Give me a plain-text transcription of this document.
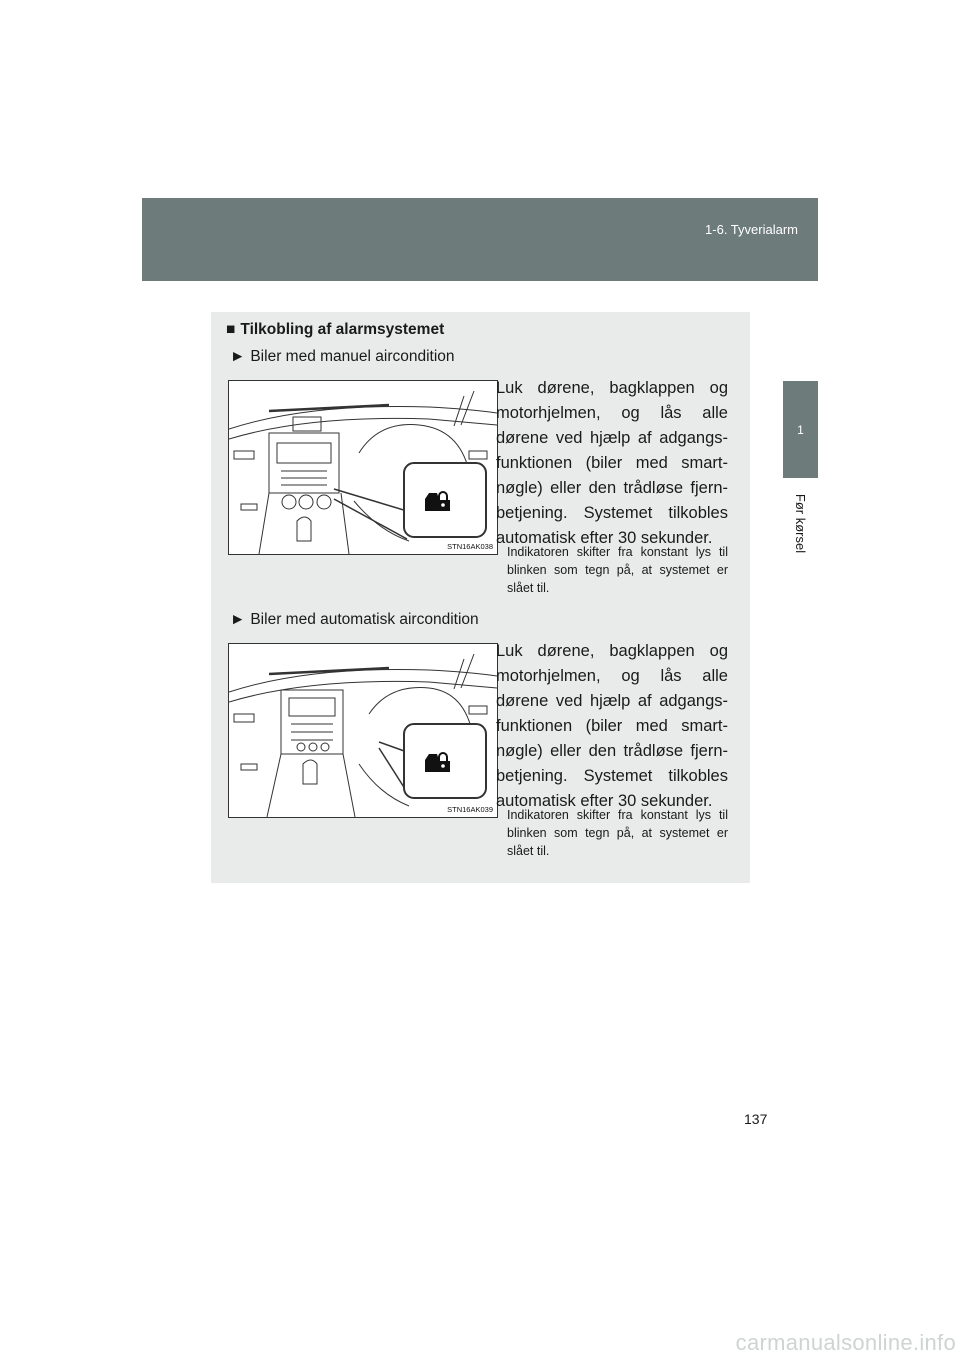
1-6. Tyverialarm
1
Før kørsel
■ Tilkobling af alarmsystemet
► Biler med manuel aircondition
STN16AK038
Luk dørene, bagklappen og motorhjelmen, og lås alle dørene ved hjælp af adgangs-funktionen (biler med smart-nøgle) eller den trådløse fjern-betjening. Systemet tilkobles automatisk efter 30 sekunder.
Indikatoren skifter fra konstant lys til blinken som tegn på, at systemet er slået til.
► Biler med automatisk aircondition
STN16AK039
Luk dørene, bagklappen og motorhjelmen, og lås alle dørene ved hjælp af adgangs-funktionen (biler med smart-nøgle) eller den trådløse fjern-betjening. Systemet tilkobles automatisk efter 30 sekunder.
Indikatoren skifter fra konstant lys til blinken som tegn på, at systemet er slået til.
137
carmanualsonline.info
